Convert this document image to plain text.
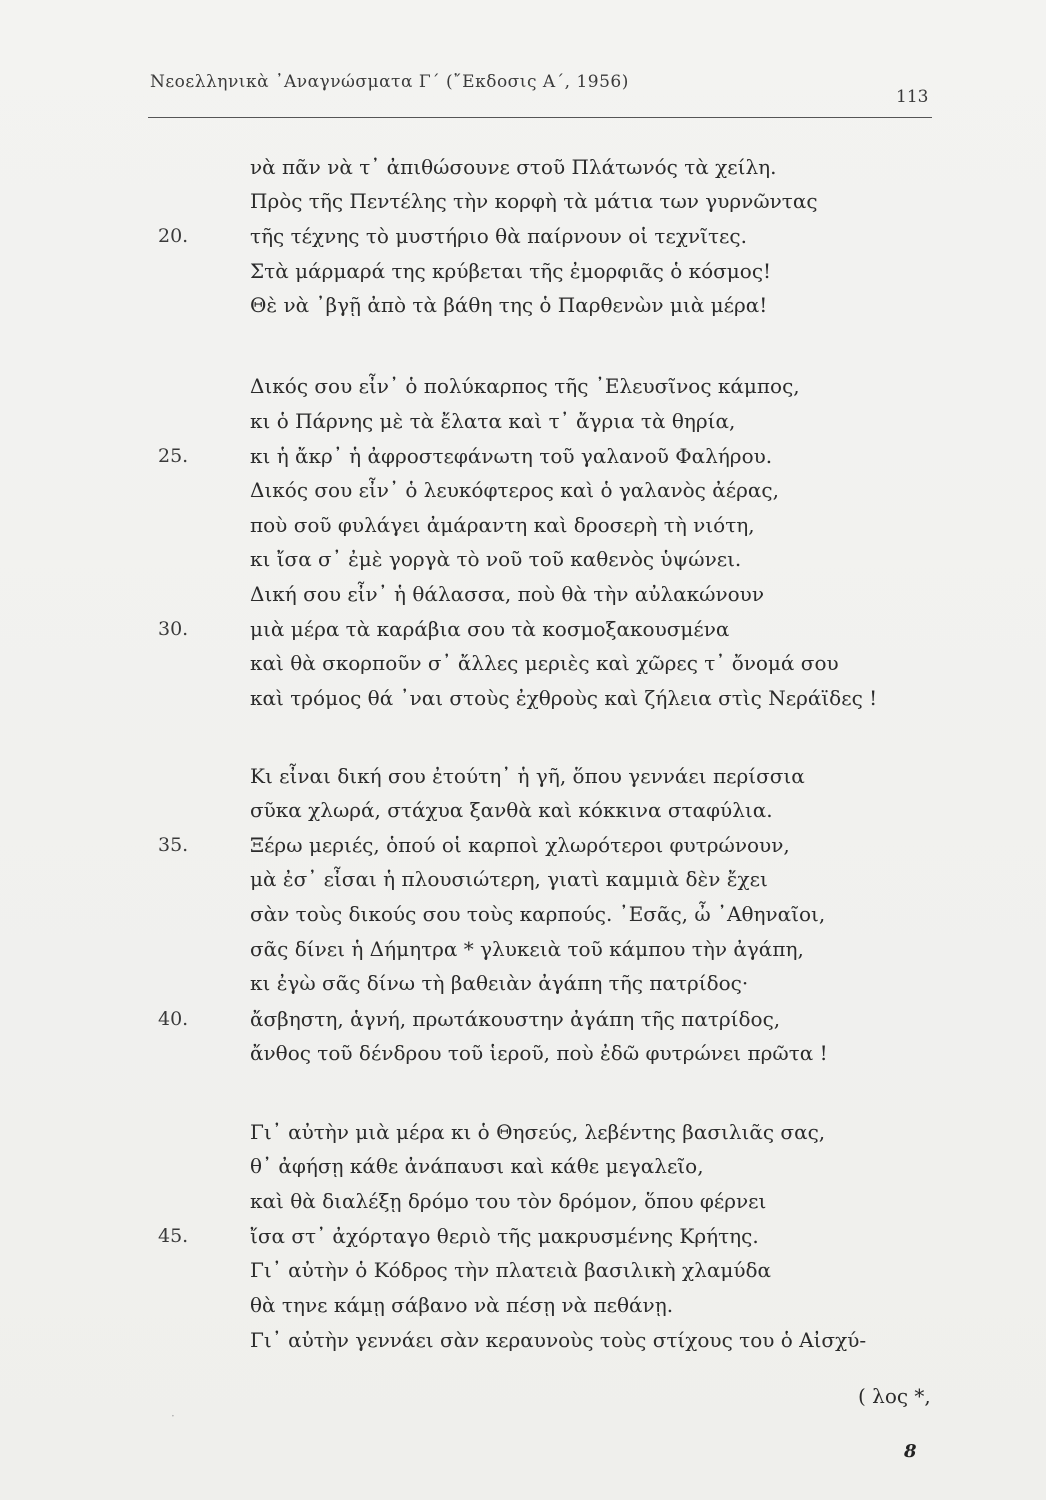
Νεοελληνικὰ ᾿Αναγνώσματα Γ΄ (῎Εκδοσις Α΄, 1956)
113
20.
25.
30.
35.
40.
45.
νὰ πᾶν νὰ τ᾿ ἀπιθώσουνε στοῦ Πλάτωνός τὰ χείλη.
Πρὸς τῆς Πεντέλης τὴν κορφὴ τὰ μάτια των γυρνῶντας
τῆς τέχνης τὸ μυστήριο θὰ παίρνουν οἱ τεχνῖτες.
Στὰ μάρμαρά της κρύβεται τῆς ἐμορφιᾶς ὁ κόσμος!
Θὲ νὰ ᾿βγῇ ἀπὸ τὰ βάθη της ὁ Παρθενὼν μιὰ μέρα!
Δικός σου εἶν᾿ ὁ πολύκαρπος τῆς ᾿Ελευσῖνος κάμπος,
κι ὁ Πάρνης μὲ τὰ ἔλατα καὶ τ᾿ ἄγρια τὰ θηρία,
κι ἡ ἄκρ᾿ ἡ ἀφροστεφάνωτη τοῦ γαλανοῦ Φαλήρου.
Δικός σου εἶν᾿ ὁ λευκόφτερος καὶ ὁ γαλανὸς ἀέρας,
ποὺ σοῦ φυλάγει ἀμάραντη καὶ δροσερὴ τὴ νιότη,
κι ἴσα σ᾿ ἐμὲ γοργὰ τὸ νοῦ τοῦ καθενὸς ὑψώνει.
Δική σου εἶν᾿ ἡ θάλασσα, ποὺ θὰ τὴν αὐλακώνουν
μιὰ μέρα τὰ καράβια σου τὰ κοσμοξακουσμένα
καὶ θὰ σκορποῦν σ᾿ ἄλλες μεριὲς καὶ χῶρες τ᾿ ὄνομά σου
καὶ τρόμος θά ᾿ναι στοὺς ἐχθροὺς καὶ ζήλεια στὶς Νεράϊδες !
Κι εἶναι δική σου ἐτούτη᾿ ἡ γῆ, ὅπου γεννάει περίσσια
σῦκα χλωρά, στάχυα ξανθὰ καὶ κόκκινα σταφύλια.
Ξέρω μεριές, ὁπού οἱ καρποὶ χλωρότεροι φυτρώνουν,
μὰ ἐσ᾿ εἶσαι ἡ πλουσιώτερη, γιατὶ καμμιὰ δὲν ἔχει
σὰν τοὺς δικούς σου τοὺς καρπούς. ᾿Εσᾶς, ὦ ᾿Αθηναῖοι,
σᾶς δίνει ἡ Δήμητρα * γλυκειὰ τοῦ κάμπου τὴν ἀγάπη,
κι ἐγὼ σᾶς δίνω τὴ βαθειὰν ἀγάπη τῆς πατρίδος·
ἄσβηστη, ἁγνή, πρωτάκουστην ἀγάπη τῆς πατρίδος,
ἄνθος τοῦ δένδρου τοῦ ἱεροῦ, ποὺ ἐδῶ φυτρώνει πρῶτα !
Γι᾿ αὐτὴν μιὰ μέρα κι ὁ Θησεύς, λεβέντης βασιλιᾶς σας,
θ᾿ ἀφήσῃ κάθε ἀνάπαυσι καὶ κάθε μεγαλεῖο,
καὶ θὰ διαλέξῃ δρόμο του τὸν δρόμον, ὅπου φέρνει
ἴσα στ᾿ ἀχόρταγο θεριὸ τῆς μακρυσμένης Κρήτης.
Γι᾿ αὐτὴν ὁ Κόδρος τὴν πλατειὰ βασιλικὴ χλαμύδα
θὰ τηνε κάμῃ σάβανο νὰ πέσῃ νὰ πεθάνῃ.
Γι᾿ αὐτὴν γεννάει σὰν κεραυνοὺς τοὺς στίχους του ὁ Αἰσχύ-
( λος *,
·
8
